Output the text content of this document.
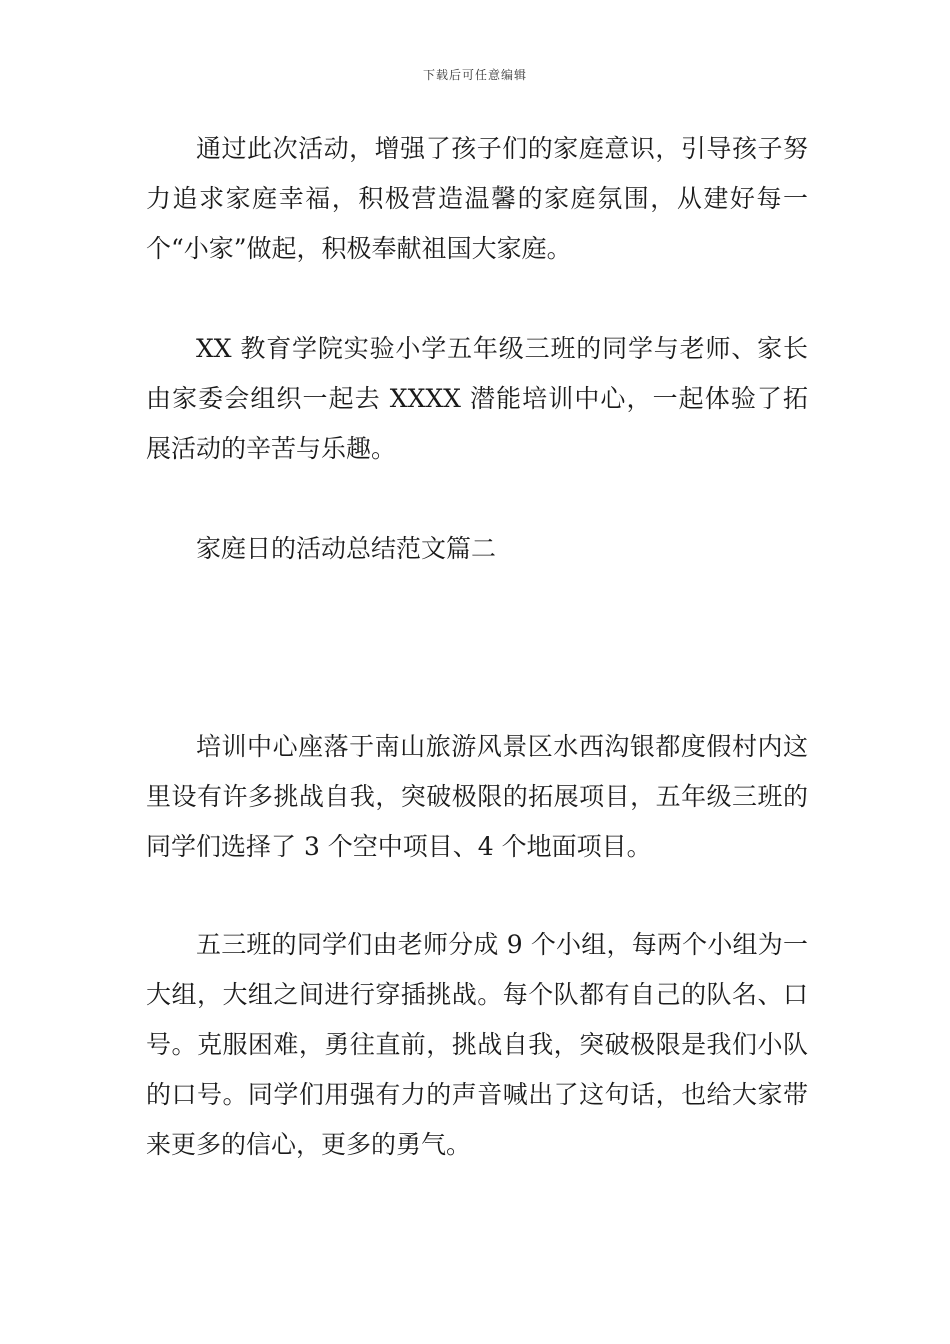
下载后可任意编辑

通过此次活动，增强了孩子们的家庭意识，引导孩子努力追求家庭幸福，积极营造温馨的家庭氛围，从建好每一个“小家”做起，积极奉献祖国大家庭。

XX 教育学院实验小学五年级三班的同学与老师、家长由家委会组织一起去 XXXX 潜能培训中心，一起体验了拓展活动的辛苦与乐趣。

家庭日的活动总结范文篇二

培训中心座落于南山旅游风景区水西沟银都度假村内这里设有许多挑战自我，突破极限的拓展项目，五年级三班的同学们选择了 3 个空中项目、4 个地面项目。

五三班的同学们由老师分成 9 个小组，每两个小组为一大组，大组之间进行穿插挑战。每个队都有自己的队名、口号。克服困难，勇往直前，挑战自我，突破极限是我们小队的口号。同学们用强有力的声音喊出了这句话，也给大家带来更多的信心，更多的勇气。
